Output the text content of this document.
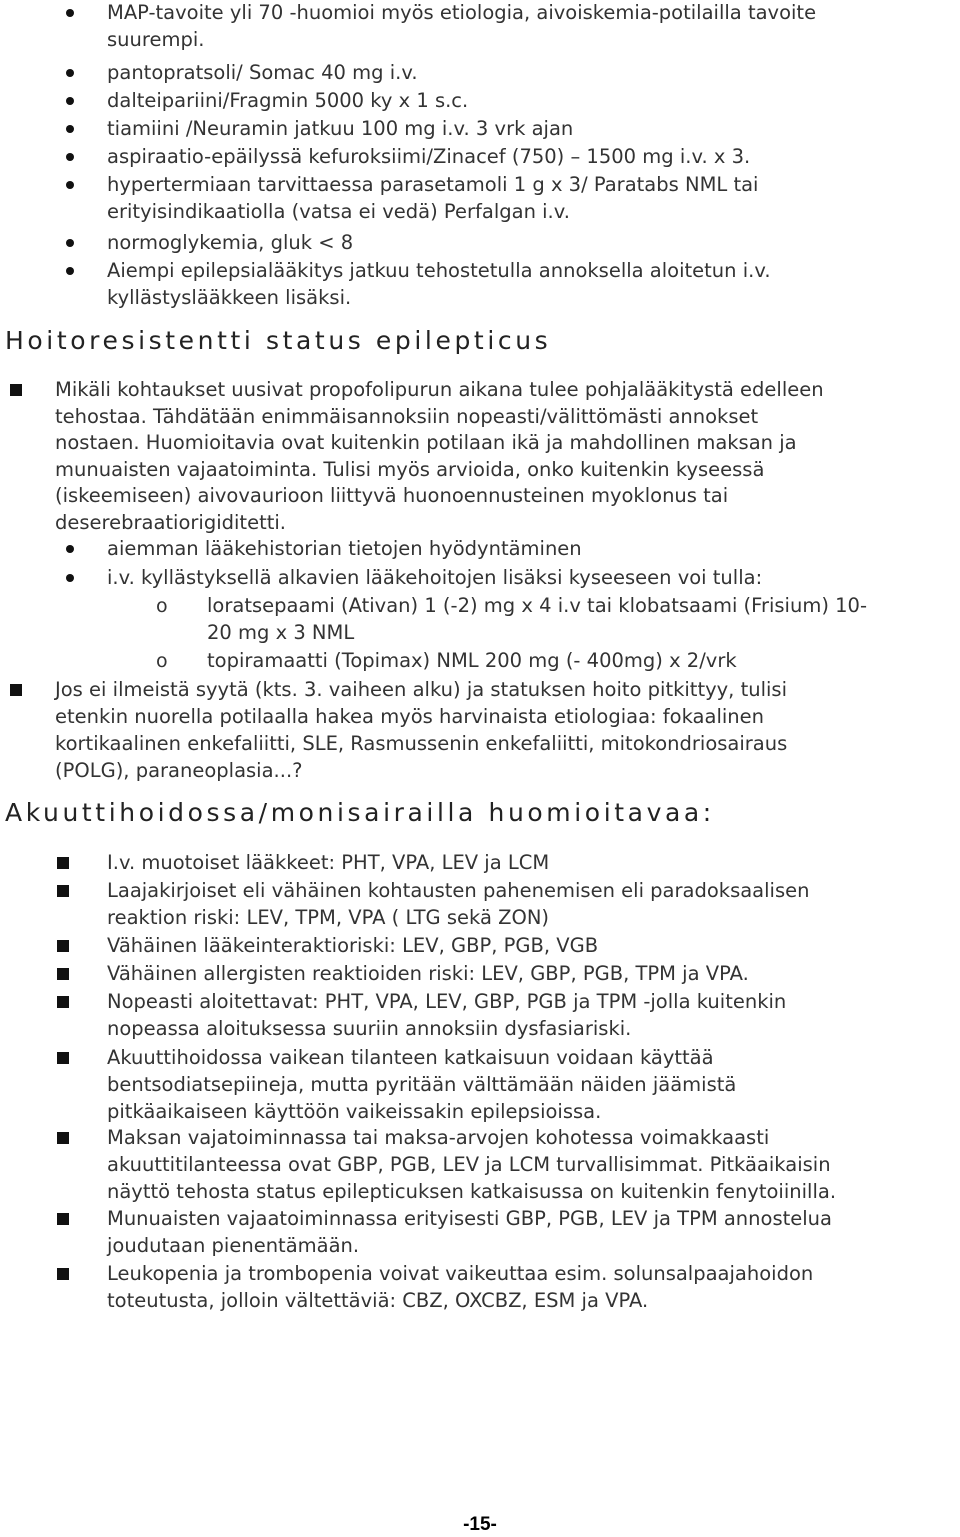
MAP-tavoite yli 70 -huomioi myös etiologia, aivoiskemia-potilailla tavoite
suurempi.
pantopratsoli/ Somac 40 mg i.v.
dalteipariini/Fragmin 5000 ky x 1 s.c.
tiamiini /Neuramin jatkuu 100 mg i.v. 3 vrk ajan
aspiraatio-epäilyssä kefuroksiimi/Zinacef (750) – 1500 mg i.v. x 3.
hypertermiaan tarvittaessa parasetamoli 1 g x 3/ Paratabs NML tai
erityisindikaatiolla (vatsa ei vedä) Perfalgan i.v.
normoglykemia, gluk < 8
Aiempi epilepsialääkitys jatkuu tehostetulla annoksella aloitetun i.v.
kyllästyslääkkeen lisäksi.
Hoitoresistentti status epilepticus
Mikäli kohtaukset uusivat propofolipurun aikana tulee pohjalääkitystä edelleen
tehostaa. Tähdätään enimmäisannoksiin nopeasti/välittömästi annokset
nostaen. Huomioitavia ovat kuitenkin potilaan ikä ja mahdollinen maksan ja
munuaisten vajaatoiminta. Tulisi myös arvioida, onko kuitenkin kyseessä
(iskeemiseen) aivovaurioon liittyvä huonoennusteinen myoklonus tai
deserebraatiorigiditetti.
aiemman lääkehistorian tietojen hyödyntäminen
i.v. kyllästyksellä alkavien lääkehoitojen lisäksi kyseeseen voi tulla:
o loratsepaami (Ativan) 1 (-2) mg x 4 i.v tai klobatsaami (Frisium) 10-
20 mg x 3 NML
o topiramaatti (Topimax) NML 200 mg (- 400mg) x 2/vrk
Jos ei ilmeistä syytä (kts. 3. vaiheen alku) ja statuksen hoito pitkittyy, tulisi
etenkin nuorella potilaalla hakea myös harvinaista etiologiaa: fokaalinen
kortikaalinen enkefaliitti, SLE, Rasmussenin enkefaliitti, mitokondriosairaus
(POLG), paraneoplasia...?
Akuuttihoidossa/monisairailla huomioitavaa:
I.v. muotoiset lääkkeet: PHT, VPA, LEV ja LCM
Laajakirjoiset eli vähäinen kohtausten pahenemisen eli paradoksaalisen
reaktion riski: LEV, TPM, VPA ( LTG sekä ZON)
Vähäinen lääkeinteraktioriski: LEV, GBP, PGB, VGB
Vähäinen allergisten reaktioiden riski: LEV, GBP, PGB, TPM ja VPA.
Nopeasti aloitettavat: PHT, VPA, LEV, GBP, PGB ja TPM -jolla kuitenkin
nopeassa aloituksessa suuriin annoksiin dysfasiariski.
Akuuttihoidossa vaikean tilanteen katkaisuun voidaan käyttää
bentsodiatsepiineja, mutta pyritään välttämään näiden jäämistä
pitkäaikaiseen käyttöön vaikeissakin epilepsioissa.
Maksan vajatoiminnassa tai maksa-arvojen kohotessa voimakkaasti
akuuttitilanteessa ovat GBP, PGB, LEV ja LCM turvallisimmat. Pitkäaikaisin
näyttö tehosta status epilepticuksen katkaisussa on kuitenkin fenytoiinilla.
Munuaisten vajaatoiminnassa erityisesti GBP, PGB, LEV ja TPM annostelua
joudutaan pienentämään.
Leukopenia ja trombopenia voivat vaikeuttaa esim. solunsalpaajahoidon
toteutusta, jolloin vältettäviä: CBZ, OXCBZ, ESM ja VPA.
-15-
